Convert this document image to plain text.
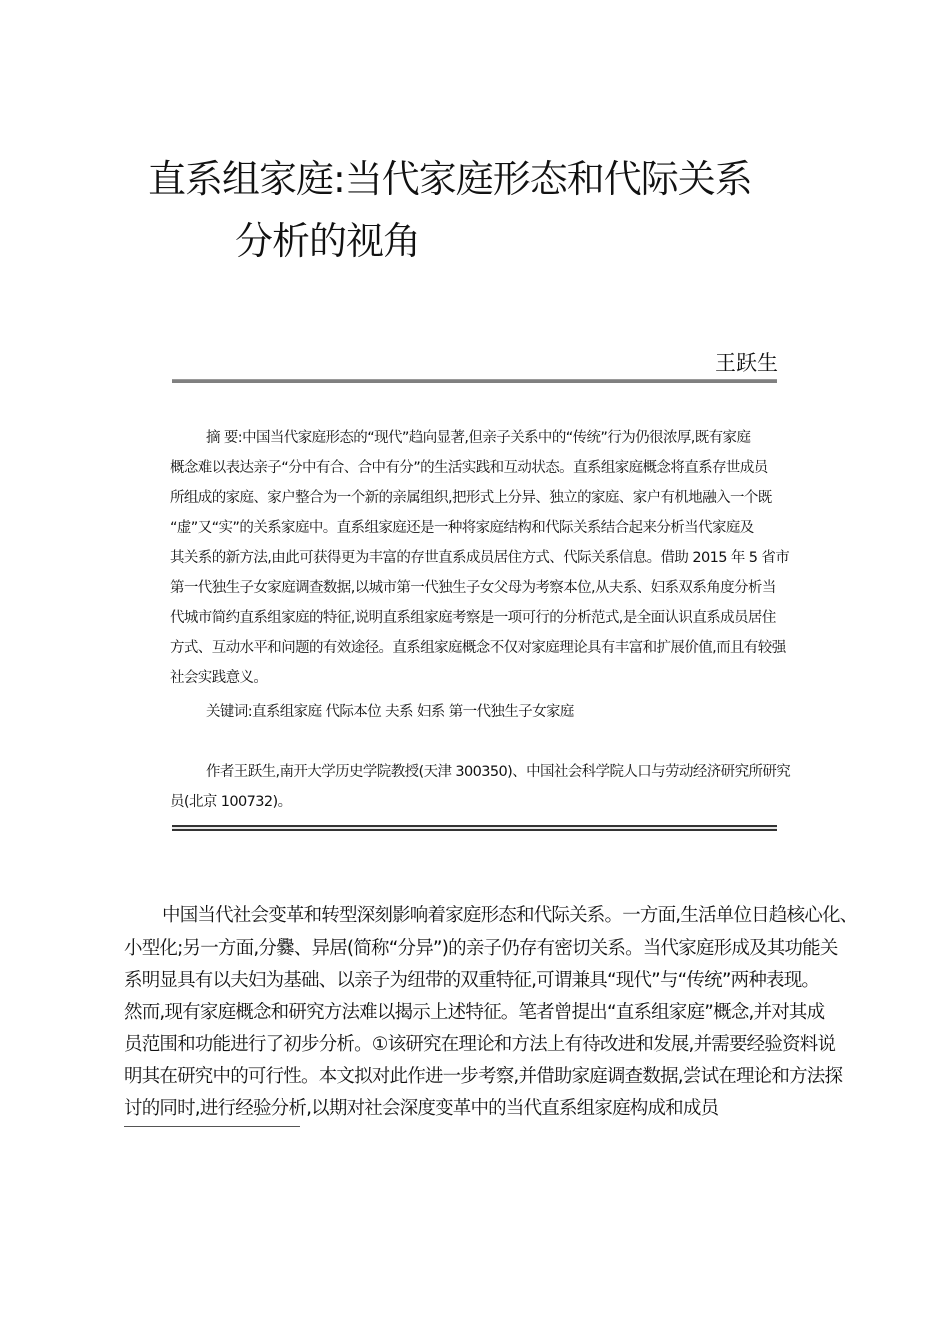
直系组家庭:当代家庭形态和代际关系
分析的视角
王跃生
摘 要:中国当代家庭形态的“现代”趋向显著,但亲子关系中的“传统”行为仍很浓厚,既有家庭
概念难以表达亲子“分中有合、合中有分”的生活实践和互动状态。直系组家庭概念将直系存世成员
所组成的家庭、家户整合为一个新的亲属组织,把形式上分异、独立的家庭、家户有机地融入一个既
“虚”又“实”的关系家庭中。直系组家庭还是一种将家庭结构和代际关系结合起来分析当代家庭及
其关系的新方法,由此可获得更为丰富的存世直系成员居住方式、代际关系信息。借助 2015 年 5 省市
第一代独生子女家庭调查数据,以城市第一代独生子女父母为考察本位,从夫系、妇系双系角度分析当
代城市简约直系组家庭的特征,说明直系组家庭考察是一项可行的分析范式,是全面认识直系成员居住
方式、互动水平和问题的有效途径。直系组家庭概念不仅对家庭理论具有丰富和扩展价值,而且有较强
社会实践意义。
关键词:直系组家庭 代际本位 夫系 妇系 第一代独生子女家庭
作者王跃生,南开大学历史学院教授(天津 300350)、中国社会科学院人口与劳动经济研究所研究
员(北京 100732)。
中国当代社会变革和转型深刻影响着家庭形态和代际关系。一方面,生活单位日趋核心化、
小型化;另一方面,分爨、异居(简称“分异”)的亲子仍存有密切关系。当代家庭形成及其功能关
系明显具有以夫妇为基础、以亲子为纽带的双重特征,可谓兼具“现代”与“传统”两种表现。
然而,现有家庭概念和研究方法难以揭示上述特征。笔者曾提出“直系组家庭”概念,并对其成
员范围和功能进行了初步分析。①该研究在理论和方法上有待改进和发展,并需要经验资料说
明其在研究中的可行性。本文拟对此作进一步考察,并借助家庭调查数据,尝试在理论和方法探
讨的同时,进行经验分析,以期对社会深度变革中的当代直系组家庭构成和成员
